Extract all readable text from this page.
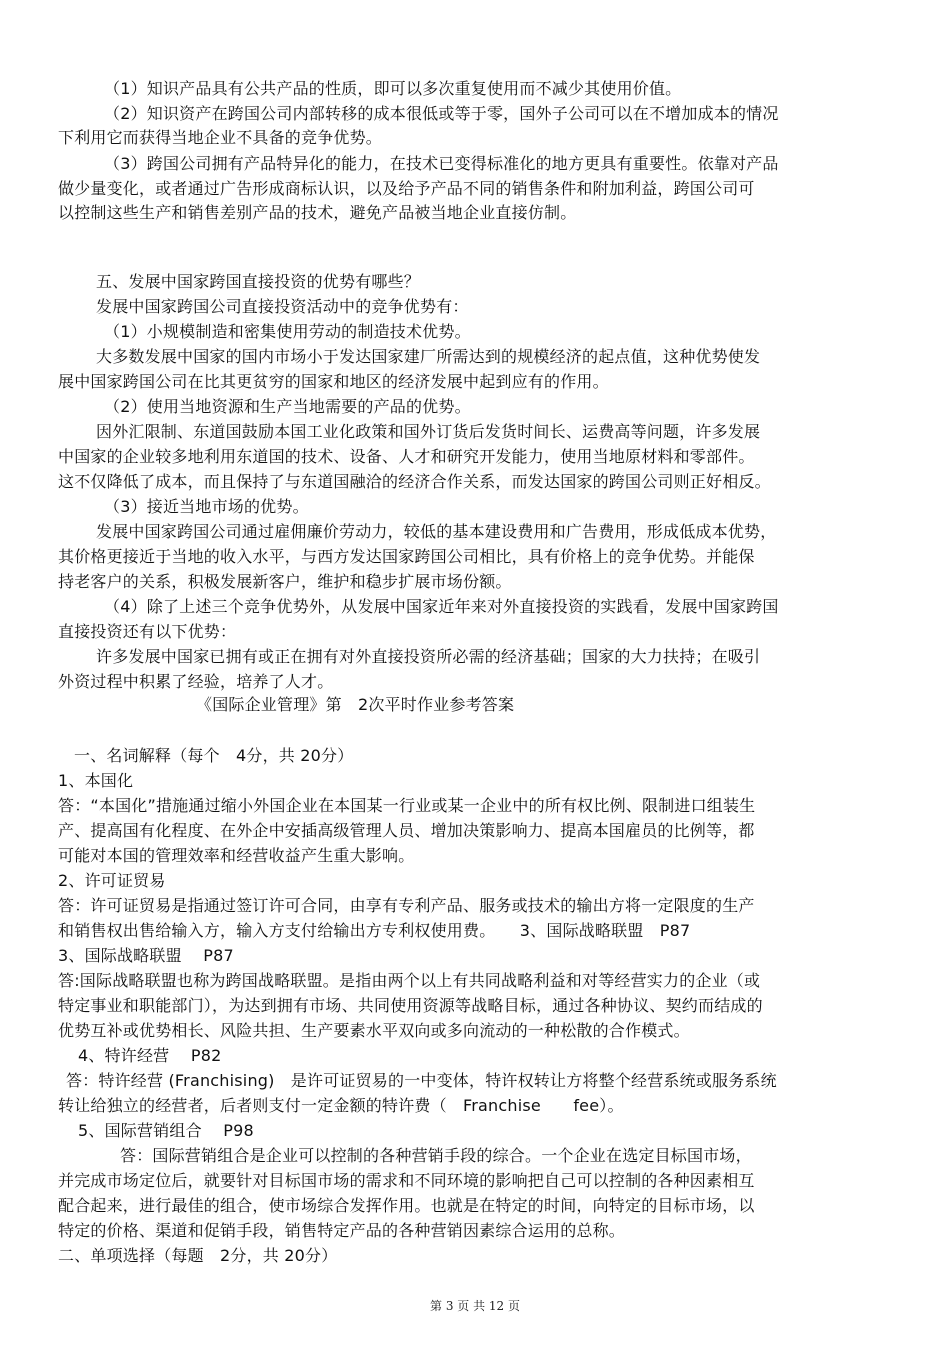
（1）知识产品具有公共产品的性质，即可以多次重复使用而不减少其使用价值。
（2）知识资产在跨国公司内部转移的成本很低或等于零，国外子公司可以在不增加成本的情况
下利用它而获得当地企业不具备的竞争优势。
（3）跨国公司拥有产品特异化的能力，在技术已变得标准化的地方更具有重要性。依靠对产品
做少量变化，或者通过广告形成商标认识，以及给予产品不同的销售条件和附加利益，跨国公司可
以控制这些生产和销售差别产品的技术，避免产品被当地企业直接仿制。
五、发展中国家跨国直接投资的优势有哪些？
发展中国家跨国公司直接投资活动中的竞争优势有：
（1）小规模制造和密集使用劳动的制造技术优势。
大多数发展中国家的国内市场小于发达国家建厂所需达到的规模经济的起点值，这种优势使发
展中国家跨国公司在比其更贫穷的国家和地区的经济发展中起到应有的作用。
（2）使用当地资源和生产当地需要的产品的优势。
因外汇限制、东道国鼓励本国工业化政策和国外订货后发货时间长、运费高等问题，许多发展
中国家的企业较多地利用东道国的技术、设备、人才和研究开发能力，使用当地原材料和零部件。
这不仅降低了成本，而且保持了与东道国融洽的经济合作关系，而发达国家的跨国公司则正好相反。
（3）接近当地市场的优势。
发展中国家跨国公司通过雇佣廉价劳动力，较低的基本建设费用和广告费用，形成低成本优势，
其价格更接近于当地的收入水平，与西方发达国家跨国公司相比，具有价格上的竞争优势。并能保
持老客户的关系，积极发展新客户，维护和稳步扩展市场份额。
（4）除了上述三个竞争优势外，从发展中国家近年来对外直接投资的实践看，发展中国家跨国
直接投资还有以下优势：
许多发展中国家已拥有或正在拥有对外直接投资所必需的经济基础；国家的大力扶持；在吸引
外资过程中积累了经验，培养了人才。
《国际企业管理》第　2次平时作业参考答案
一、名词解释（每个　4分，共 20分）
1、本国化
答：“本国化”措施通过缩小外国企业在本国某一行业或某一企业中的所有权比例、限制进口组装生
产、提高国有化程度、在外企中安插高级管理人员、增加决策影响力、提高本国雇员的比例等，都
可能对本国的管理效率和经营收益产生重大影响。
2、许可证贸易
答：许可证贸易是指通过签订许可合同，由享有专利产品、服务或技术的输出方将一定限度的生产
和销售权出售给输入方，输入方支付给输出方专利权使用费。　　3、国际战略联盟　P87
3、国际战略联盟　 P87
答:国际战略联盟也称为跨国战略联盟。是指由两个以上有共同战略利益和对等经营实力的企业（或
特定事业和职能部门），为达到拥有市场、共同使用资源等战略目标，通过各种协议、契约而结成的
优势互补或优势相长、风险共担、生产要素水平双向或多向流动的一种松散的合作模式。
4、特许经营　 P82
答：特许经营 (Franchising)　是许可证贸易的一中变体，特许权转让方将整个经营系统或服务系统
转让给独立的经营者，后者则支付一定金额的特许费（　Franchise　　fee）。
5、国际营销组合　 P98
答：国际营销组合是企业可以控制的各种营销手段的综合。一个企业在选定目标国市场，
并完成市场定位后，就要针对目标国市场的需求和不同环境的影响把自己可以控制的各种因素相互
配合起来，进行最佳的组合，使市场综合发挥作用。也就是在特定的时间，向特定的目标市场，以
特定的价格、渠道和促销手段，销售特定产品的各种营销因素综合运用的总称。
二、单项选择（每题　2分，共 20分）
第 3 页 共 12 页
